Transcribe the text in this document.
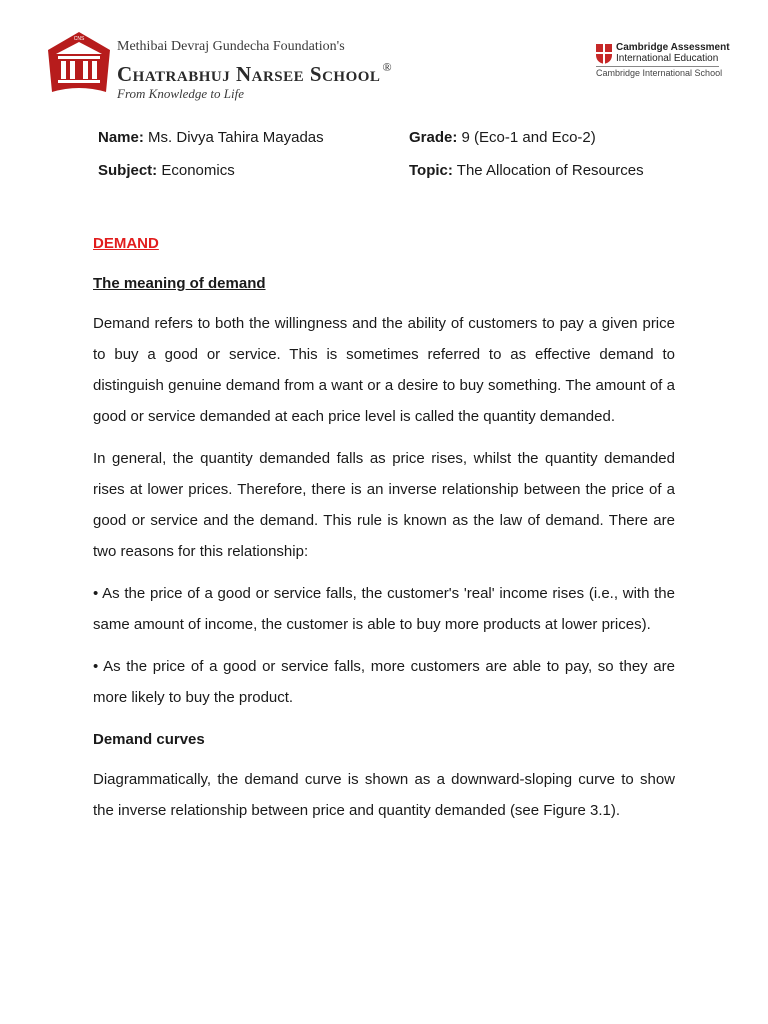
CNS Methibai Devraj Gundecha Foundation's
Chatrabhuj Narsee School ®
From Knowledge to Life
Cambridge Assessment
International Education
Cambridge International School
Name: Ms. Divya Tahira Mayadas	Grade: 9 (Eco-1 and Eco-2)
Subject: Economics	Topic: The Allocation of Resources

DEMAND

The meaning of demand

Demand refers to both the willingness and the ability of customers to pay a given price to buy a good or service. This is sometimes referred to as effective demand to distinguish genuine demand from a want or a desire to buy something. The amount of a good or service demanded at each price level is called the quantity demanded.

In general, the quantity demanded falls as price rises, whilst the quantity demanded rises at lower prices. Therefore, there is an inverse relationship between the price of a good or service and the demand. This rule is known as the law of demand. There are two reasons for this relationship:

• As the price of a good or service falls, the customer's 'real' income rises (i.e., with the same amount of income, the customer is able to buy more products at lower prices).

• As the price of a good or service falls, more customers are able to pay, so they are more likely to buy the product.

Demand curves

Diagrammatically, the demand curve is shown as a downward-sloping curve to show the inverse relationship between price and quantity demanded (see Figure 3.1).
